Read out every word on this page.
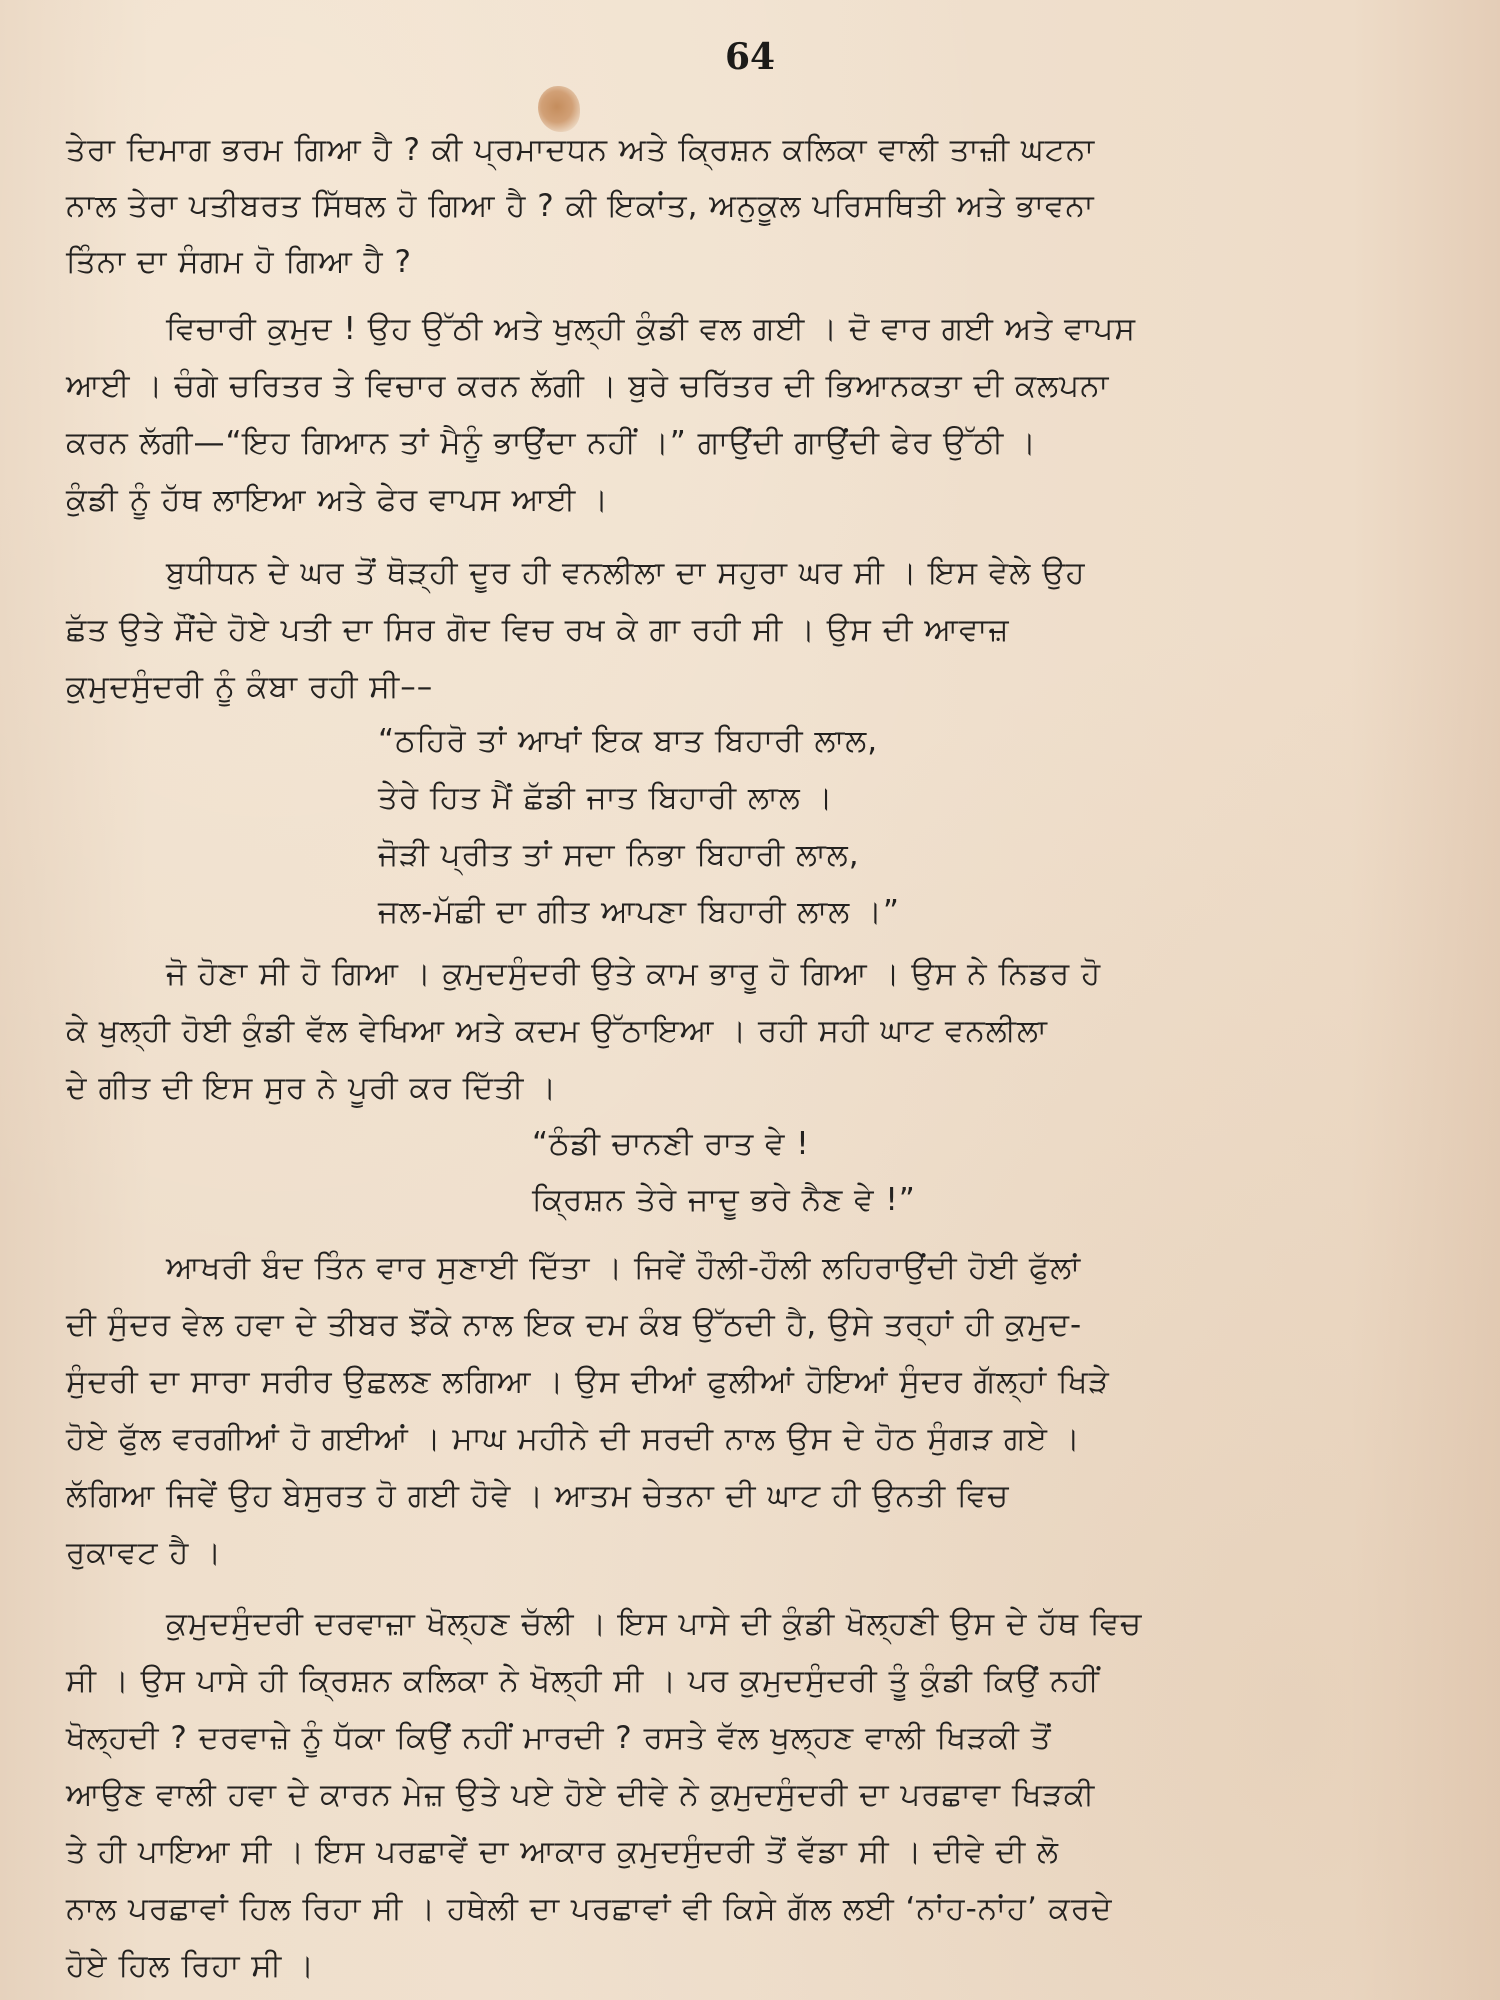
64
ਤੇਰਾ ਦਿਮਾਗ ਭਰਮ ਗਿਆ ਹੈ ? ਕੀ ਪ੍ਰਮਾਦਧਨ ਅਤੇ ਕ੍ਰਿਸ਼ਨ ਕਲਿਕਾ ਵਾਲੀ ਤਾਜ਼ੀ ਘਟਨਾ
ਨਾਲ ਤੇਰਾ ਪਤੀਬਰਤ ਸਿੱਥਲ ਹੋ ਗਿਆ ਹੈ ? ਕੀ ਇਕਾਂਤ, ਅਨੁਕੂਲ ਪਰਿਸਥਿਤੀ ਅਤੇ ਭਾਵਨਾ
ਤਿੰਨਾ ਦਾ ਸੰਗਮ ਹੋ ਗਿਆ ਹੈ ?
ਵਿਚਾਰੀ ਕੁਮੁਦ ! ਉਹ ਉੱਠੀ ਅਤੇ ਖੁਲ੍ਹੀ ਕੁੰਡੀ ਵਲ ਗਈ । ਦੋ ਵਾਰ ਗਈ ਅਤੇ ਵਾਪਸ
ਆਈ । ਚੰਗੇ ਚਰਿਤਰ ਤੇ ਵਿਚਾਰ ਕਰਨ ਲੱਗੀ । ਬੁਰੇ ਚਰਿੱਤਰ ਦੀ ਭਿਆਨਕਤਾ ਦੀ ਕਲਪਨਾ
ਕਰਨ ਲੱਗੀ—“ਇਹ ਗਿਆਨ ਤਾਂ ਮੈਨੂੰ ਭਾਉਂਦਾ ਨਹੀਂ ।” ਗਾਉਂਦੀ ਗਾਉਂਦੀ ਫੇਰ ਉੱਠੀ ।
ਕੁੰਡੀ ਨੂੰ ਹੱਥ ਲਾਇਆ ਅਤੇ ਫੇਰ ਵਾਪਸ ਆਈ ।
ਬੁਧੀਧਨ ਦੇ ਘਰ ਤੋਂ ਥੋੜ੍ਹੀ ਦੂਰ ਹੀ ਵਨਲੀਲਾ ਦਾ ਸਹੁਰਾ ਘਰ ਸੀ । ਇਸ ਵੇਲੇ ਉਹ
ਛੱਤ ਉਤੇ ਸੌਂਦੇ ਹੋਏ ਪਤੀ ਦਾ ਸਿਰ ਗੋਦ ਵਿਚ ਰਖ ਕੇ ਗਾ ਰਹੀ ਸੀ । ਉਸ ਦੀ ਆਵਾਜ਼
ਕੁਮੁਦਸੁੰਦਰੀ ਨੂੰ ਕੰਬਾ ਰਹੀ ਸੀ––
“ਠਹਿਰੋ ਤਾਂ ਆਖਾਂ ਇਕ ਬਾਤ ਬਿਹਾਰੀ ਲਾਲ,
ਤੇਰੇ ਹਿਤ ਮੈਂ ਛੱਡੀ ਜਾਤ ਬਿਹਾਰੀ ਲਾਲ ।
ਜੋੜੀ ਪ੍ਰੀਤ ਤਾਂ ਸਦਾ ਨਿਭਾ ਬਿਹਾਰੀ ਲਾਲ,
ਜਲ-ਮੱਛੀ ਦਾ ਗੀਤ ਆਪਣਾ ਬਿਹਾਰੀ ਲਾਲ ।”
ਜੋ ਹੋਣਾ ਸੀ ਹੋ ਗਿਆ । ਕੁਮੁਦਸੁੰਦਰੀ ਉਤੇ ਕਾਮ ਭਾਰੂ ਹੋ ਗਿਆ । ਉਸ ਨੇ ਨਿਡਰ ਹੋ
ਕੇ ਖੁਲ੍ਹੀ ਹੋਈ ਕੁੰਡੀ ਵੱਲ ਵੇਖਿਆ ਅਤੇ ਕਦਮ ਉੱਠਾਇਆ । ਰਹੀ ਸਹੀ ਘਾਟ ਵਨਲੀਲਾ
ਦੇ ਗੀਤ ਦੀ ਇਸ ਸੁਰ ਨੇ ਪੂਰੀ ਕਰ ਦਿੱਤੀ ।
“ਠੰਡੀ ਚਾਨਣੀ ਰਾਤ ਵੇ !
ਕ੍ਰਿਸ਼ਨ ਤੇਰੇ ਜਾਦੂ ਭਰੇ ਨੈਣ ਵੇ !”
ਆਖਰੀ ਬੰਦ ਤਿੰਨ ਵਾਰ ਸੁਣਾਈ ਦਿੱਤਾ । ਜਿਵੇਂ ਹੌਲੀ-ਹੌਲੀ ਲਹਿਰਾਉਂਦੀ ਹੋਈ ਫੁੱਲਾਂ
ਦੀ ਸੁੰਦਰ ਵੇਲ ਹਵਾ ਦੇ ਤੀਬਰ ਝੋਂਕੇ ਨਾਲ ਇਕ ਦਮ ਕੰਬ ਉੱਠਦੀ ਹੈ, ਉਸੇ ਤਰ੍ਹਾਂ ਹੀ ਕੁਮੁਦ-
ਸੁੰਦਰੀ ਦਾ ਸਾਰਾ ਸਰੀਰ ਉਛਲਣ ਲਗਿਆ । ਉਸ ਦੀਆਂ ਫੁਲੀਆਂ ਹੋਇਆਂ ਸੁੰਦਰ ਗੱਲ੍ਹਾਂ ਖਿੜੇ
ਹੋਏ ਫੁੱਲ ਵਰਗੀਆਂ ਹੋ ਗਈਆਂ । ਮਾਘ ਮਹੀਨੇ ਦੀ ਸਰਦੀ ਨਾਲ ਉਸ ਦੇ ਹੋਠ ਸੁੰਗੜ ਗਏ ।
ਲੱਗਿਆ ਜਿਵੇਂ ਉਹ ਬੇਸੁਰਤ ਹੋ ਗਈ ਹੋਵੇ । ਆਤਮ ਚੇਤਨਾ ਦੀ ਘਾਟ ਹੀ ਉਨਤੀ ਵਿਚ
ਰੁਕਾਵਟ ਹੈ ।
ਕੁਮੁਦਸੁੰਦਰੀ ਦਰਵਾਜ਼ਾ ਖੋਲ੍ਹਣ ਚੱਲੀ । ਇਸ ਪਾਸੇ ਦੀ ਕੁੰਡੀ ਖੋਲ੍ਹਣੀ ਉਸ ਦੇ ਹੱਥ ਵਿਚ
ਸੀ । ਉਸ ਪਾਸੇ ਹੀ ਕ੍ਰਿਸ਼ਨ ਕਲਿਕਾ ਨੇ ਖੋਲ੍ਹੀ ਸੀ । ਪਰ ਕੁਮੁਦਸੁੰਦਰੀ ਤੂੰ ਕੁੰਡੀ ਕਿਉਂ ਨਹੀਂ
ਖੋਲ੍ਹਦੀ ? ਦਰਵਾਜ਼ੇ ਨੂੰ ਧੱਕਾ ਕਿਉਂ ਨਹੀਂ ਮਾਰਦੀ ? ਰਸਤੇ ਵੱਲ ਖੁਲ੍ਹਣ ਵਾਲੀ ਖਿੜਕੀ ਤੋਂ
ਆਉਣ ਵਾਲੀ ਹਵਾ ਦੇ ਕਾਰਨ ਮੇਜ਼ ਉਤੇ ਪਏ ਹੋਏ ਦੀਵੇ ਨੇ ਕੁਮੁਦਸੁੰਦਰੀ ਦਾ ਪਰਛਾਵਾ ਖਿੜਕੀ
ਤੇ ਹੀ ਪਾਇਆ ਸੀ । ਇਸ ਪਰਛਾਵੇਂ ਦਾ ਆਕਾਰ ਕੁਮੁਦਸੁੰਦਰੀ ਤੋਂ ਵੱਡਾ ਸੀ । ਦੀਵੇ ਦੀ ਲੋ
ਨਾਲ ਪਰਛਾਵਾਂ ਹਿਲ ਰਿਹਾ ਸੀ । ਹਥੇਲੀ ਦਾ ਪਰਛਾਵਾਂ ਵੀ ਕਿਸੇ ਗੱਲ ਲਈ ‘ਨਾਂਹ-ਨਾਂਹ’ ਕਰਦੇ
ਹੋਏ ਹਿਲ ਰਿਹਾ ਸੀ ।
